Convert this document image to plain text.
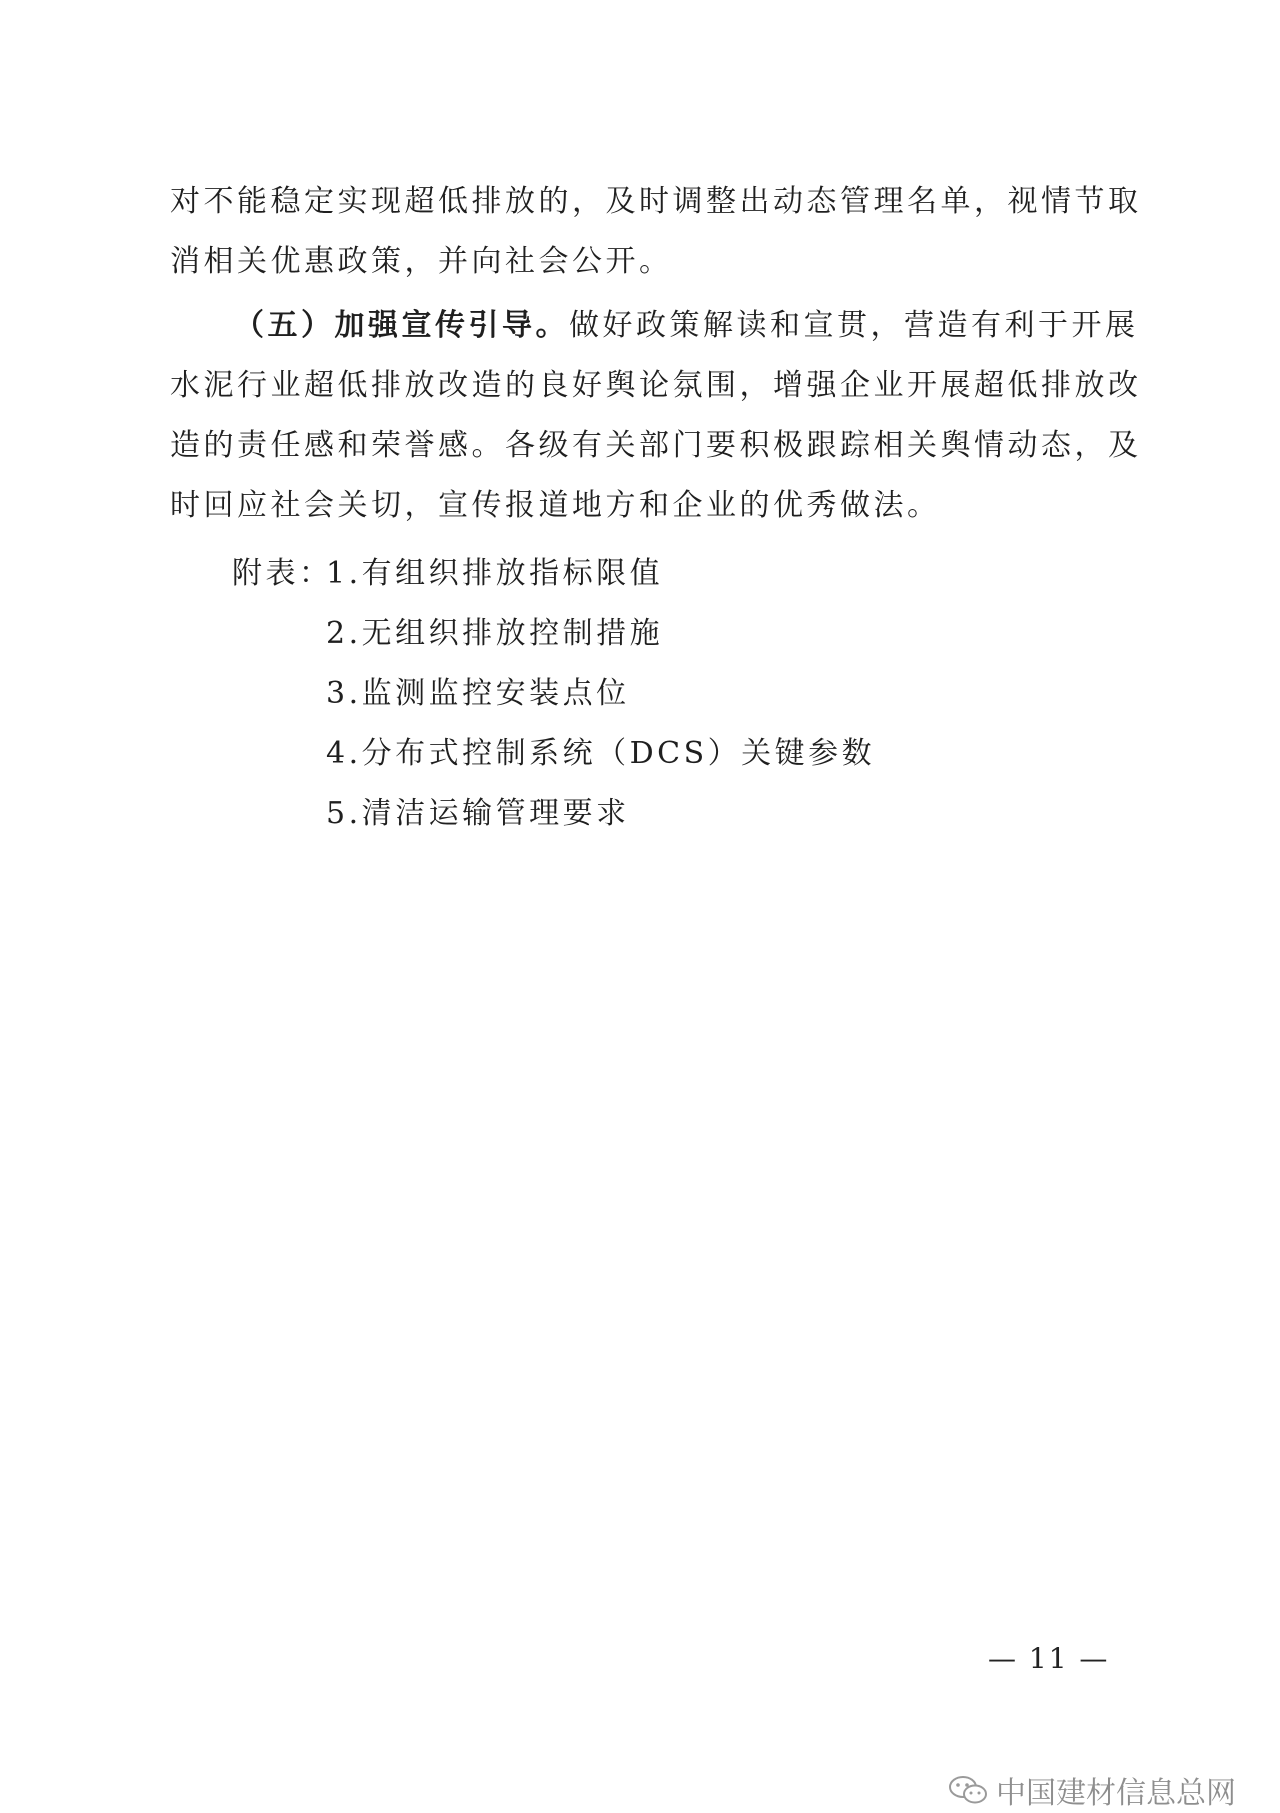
对不能稳定实现超低排放的，及时调整出动态管理名单，视情节取
消相关优惠政策，并向社会公开。
（五）加强宣传引导。做好政策解读和宣贯，营造有利于开展
水泥行业超低排放改造的良好舆论氛围，增强企业开展超低排放改
造的责任感和荣誉感。各级有关部门要积极跟踪相关舆情动态，及
时回应社会关切，宣传报道地方和企业的优秀做法。
附表：
1.有组织排放指标限值
2.无组织排放控制措施
3.监测监控安装点位
4.分布式控制系统（DCS）关键参数
5.清洁运输管理要求
— 11 —
中国建材信息总网
